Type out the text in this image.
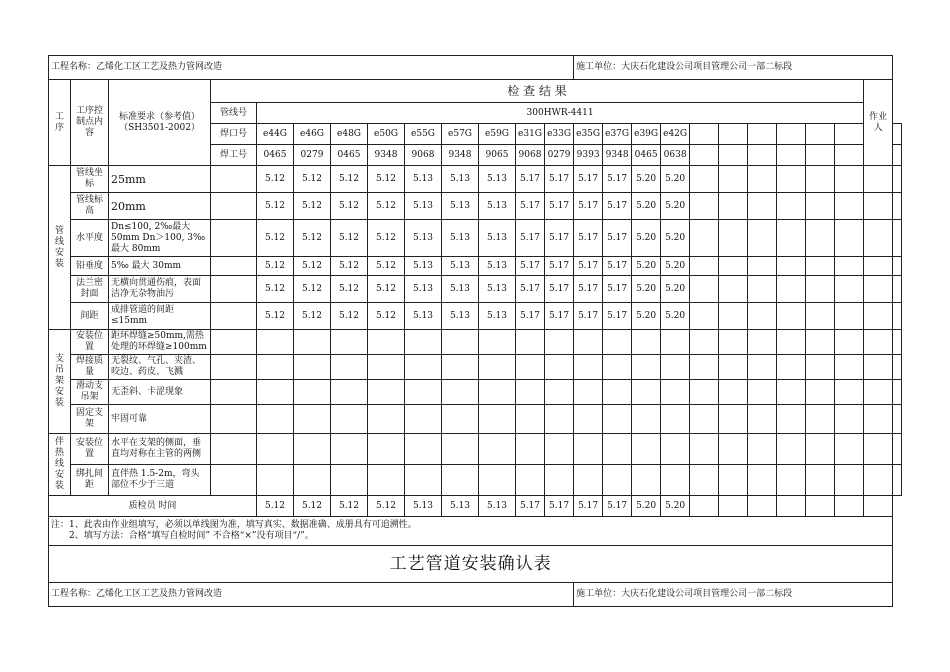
工程名称：乙烯化工区工艺及热力管网改造													施工单位：大庆石化建设公司项目管理公司一部二标段											
工序	工序控制点内容	标准要求（参考值）（SH3501-2002）	检 查 结 果																				作业人	
			管线号	300HWR-4411																				
			焊口号	e44G	e46G	e48G	e50G	e55G	e57G	e59G	e31G	e33G	e35G	e37G	e39G	e42G								
			焊工号	0465	0279	0465	9348	9068	9348	9065	9068	0279	9393	9348	0465	0638								
管线安装	管线坐标	25mm		5.12	5.12	5.12	5.12	5.13	5.13	5.13	5.17	5.17	5.17	5.17	5.20	5.20								
	管线标高	20mm		5.12	5.12	5.12	5.12	5.13	5.13	5.13	5.17	5.17	5.17	5.17	5.20	5.20								
	水平度	Dn≤100, 2‰最大 50mm Dn＞100, 3‰最大 80mm		5.12	5.12	5.12	5.12	5.13	5.13	5.13	5.17	5.17	5.17	5.17	5.20	5.20								
	铅垂度	5‰ 最大 30mm		5.12	5.12	5.12	5.12	5.13	5.13	5.13	5.17	5.17	5.17	5.17	5.20	5.20								
	法兰密封面	无横向贯通伤痕，表面洁净无杂物油污		5.12	5.12	5.12	5.12	5.13	5.13	5.13	5.17	5.17	5.17	5.17	5.20	5.20								
	间距	成排管道的间距≤15mm		5.12	5.12	5.12	5.12	5.13	5.13	5.13	5.17	5.17	5.17	5.17	5.20	5.20								
支吊架安装	安装位置	距环焊缝≥50mm,需热处理的环焊缝≥100mm																						
	焊接质量	无裂纹、气孔、夹渣、咬边、药皮、飞溅																						
	滑动支吊架	无歪斜、卡涩现象																						
	固定支架	牢固可靠																						
伴热线安装	安装位置	水平在支架的侧面，垂直均对称在主管的两侧																						
	绑扎间距	直伴热 1.5-2m，弯头部位不少于三道																						
质检员 时间				5.12	5.12	5.12	5.12	5.13	5.13	5.13	5.17	5.17	5.17	5.17	5.20	5.20								

注：1、此表由作业组填写，必须以单线图为准，填写真实、数据准确、成册具有可追溯性。
2、填写方法：合格“填写自检时间” 不合格“×”没有项目“/”。																								

工艺管道安装确认表																								
工程名称：乙烯化工区工艺及热力管网改造													施工单位：大庆石化建设公司项目管理公司一部二标段											
